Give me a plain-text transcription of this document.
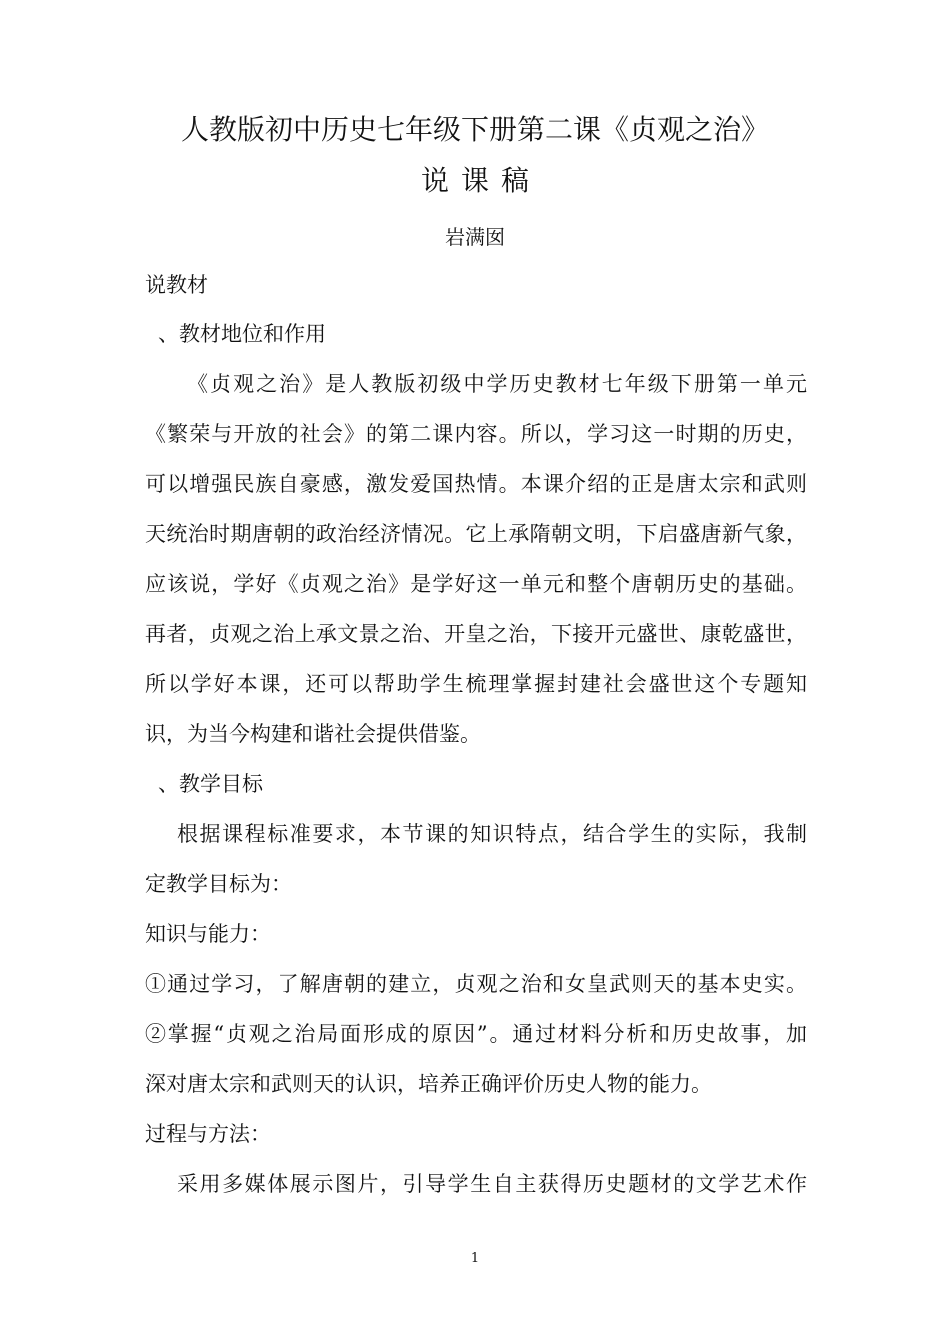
人教版初中历史七年级下册第二课《贞观之治》
说课稿
岩满囡
说教材
、教材地位和作用
《贞观之治》是人教版初级中学历史教材七年级下册第一单元
《繁荣与开放的社会》的第二课内容。所以，学习这一时期的历史，
可以增强民族自豪感，激发爱国热情。本课介绍的正是唐太宗和武则
天统治时期唐朝的政治经济情况。它上承隋朝文明，下启盛唐新气象，
应该说，学好《贞观之治》是学好这一单元和整个唐朝历史的基础。
再者，贞观之治上承文景之治、开皇之治，下接开元盛世、康乾盛世，
所以学好本课，还可以帮助学生梳理掌握封建社会盛世这个专题知
识，为当今构建和谐社会提供借鉴。
、教学目标
根据课程标准要求，本节课的知识特点，结合学生的实际，我制
定教学目标为：
知识与能力：
①通过学习，了解唐朝的建立，贞观之治和女皇武则天的基本史实。
②掌握“贞观之治局面形成的原因”。通过材料分析和历史故事，加
深对唐太宗和武则天的认识，培养正确评价历史人物的能力。
过程与方法：
采用多媒体展示图片，引导学生自主获得历史题材的文学艺术作
1
